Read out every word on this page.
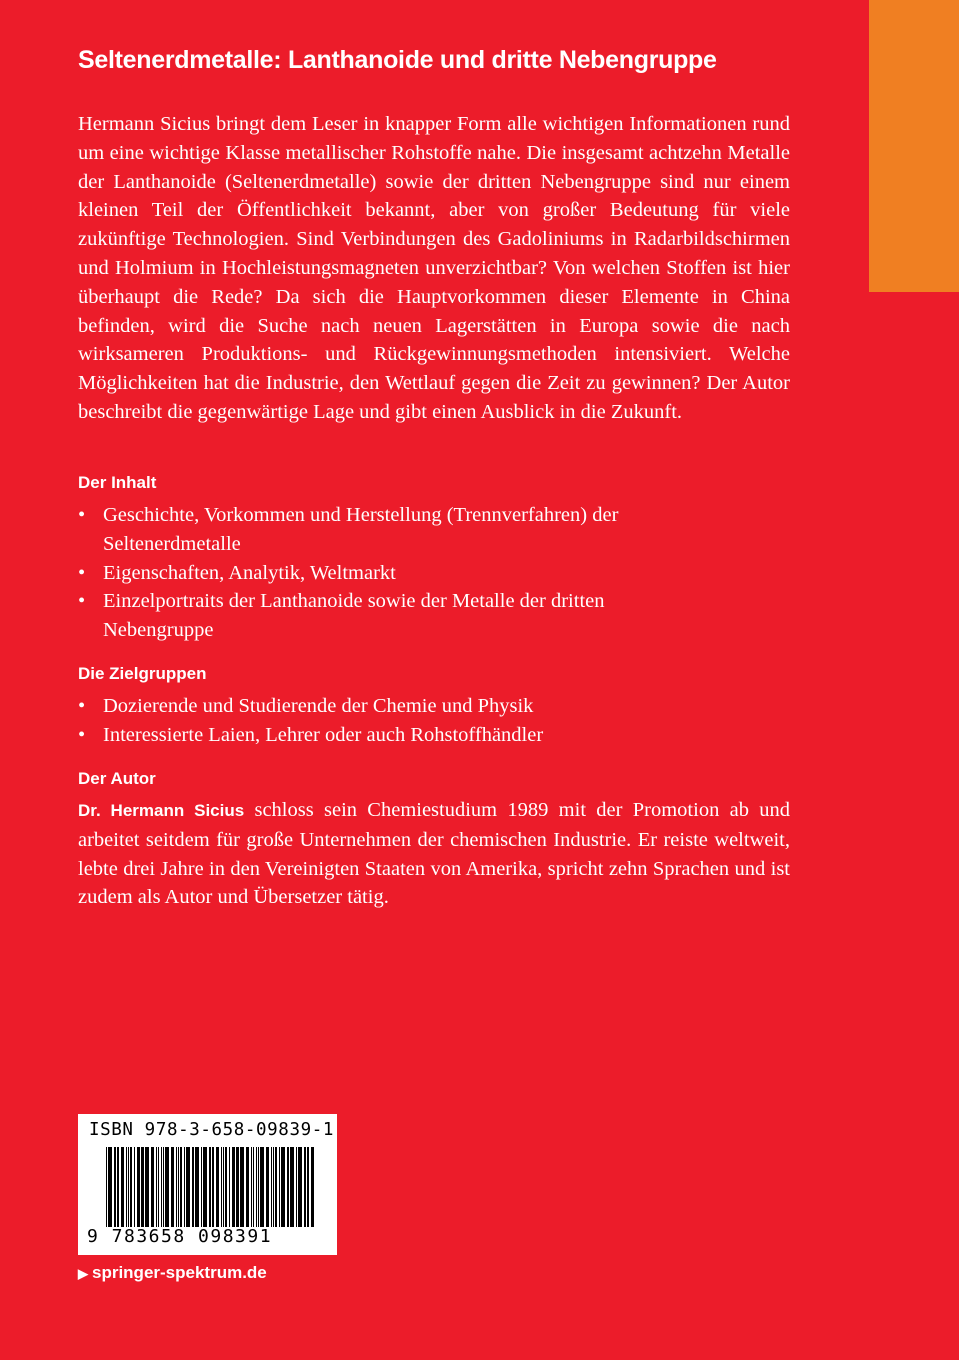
Seltenerdmetalle: Lanthanoide und dritte Nebengruppe

Hermann Sicius bringt dem Leser in knapper Form alle wichtigen Informationen rund um eine wichtige Klasse metallischer Rohstoffe nahe. Die insgesamt achtzehn Metalle der Lanthanoide (Seltenerdmetalle) sowie der dritten Nebengruppe sind nur einem kleinen Teil der Öffentlichkeit bekannt, aber von großer Bedeutung für viele zukünftige Technologien. Sind Verbindungen des Gadoliniums in Radarbildschirmen und Holmium in Hochleistungsmagneten unverzichtbar? Von welchen Stoffen ist hier überhaupt die Rede? Da sich die Hauptvorkommen dieser Elemente in China befinden, wird die Suche nach neuen Lagerstätten in Europa sowie die nach wirksameren Produktions- und Rückgewinnungsmethoden intensiviert. Welche Möglichkeiten hat die Industrie, den Wettlauf gegen die Zeit zu gewinnen? Der Autor beschreibt die gegenwärtige Lage und gibt einen Ausblick in die Zukunft.

Der Inhalt
• Geschichte, Vorkommen und Herstellung (Trennverfahren) der Seltenerdmetalle
• Eigenschaften, Analytik, Weltmarkt
• Einzelportraits der Lanthanoide sowie der Metalle der dritten Nebengruppe
Die Zielgruppen
• Dozierende und Studierende der Chemie und Physik
• Interessierte Laien, Lehrer oder auch Rohstoffhändler
Der Autor

Dr. Hermann Sicius schloss sein Chemiestudium 1989 mit der Promotion ab und arbeitet seitdem für große Unternehmen der chemischen Industrie. Er reiste weltweit, lebte drei Jahre in den Vereinigten Staaten von Amerika, spricht zehn Sprachen und ist zudem als Autor und Übersetzer tätig.

ISBN 978-3-658-09839-1
9 783658 098391
▶ springer-spektrum.de
